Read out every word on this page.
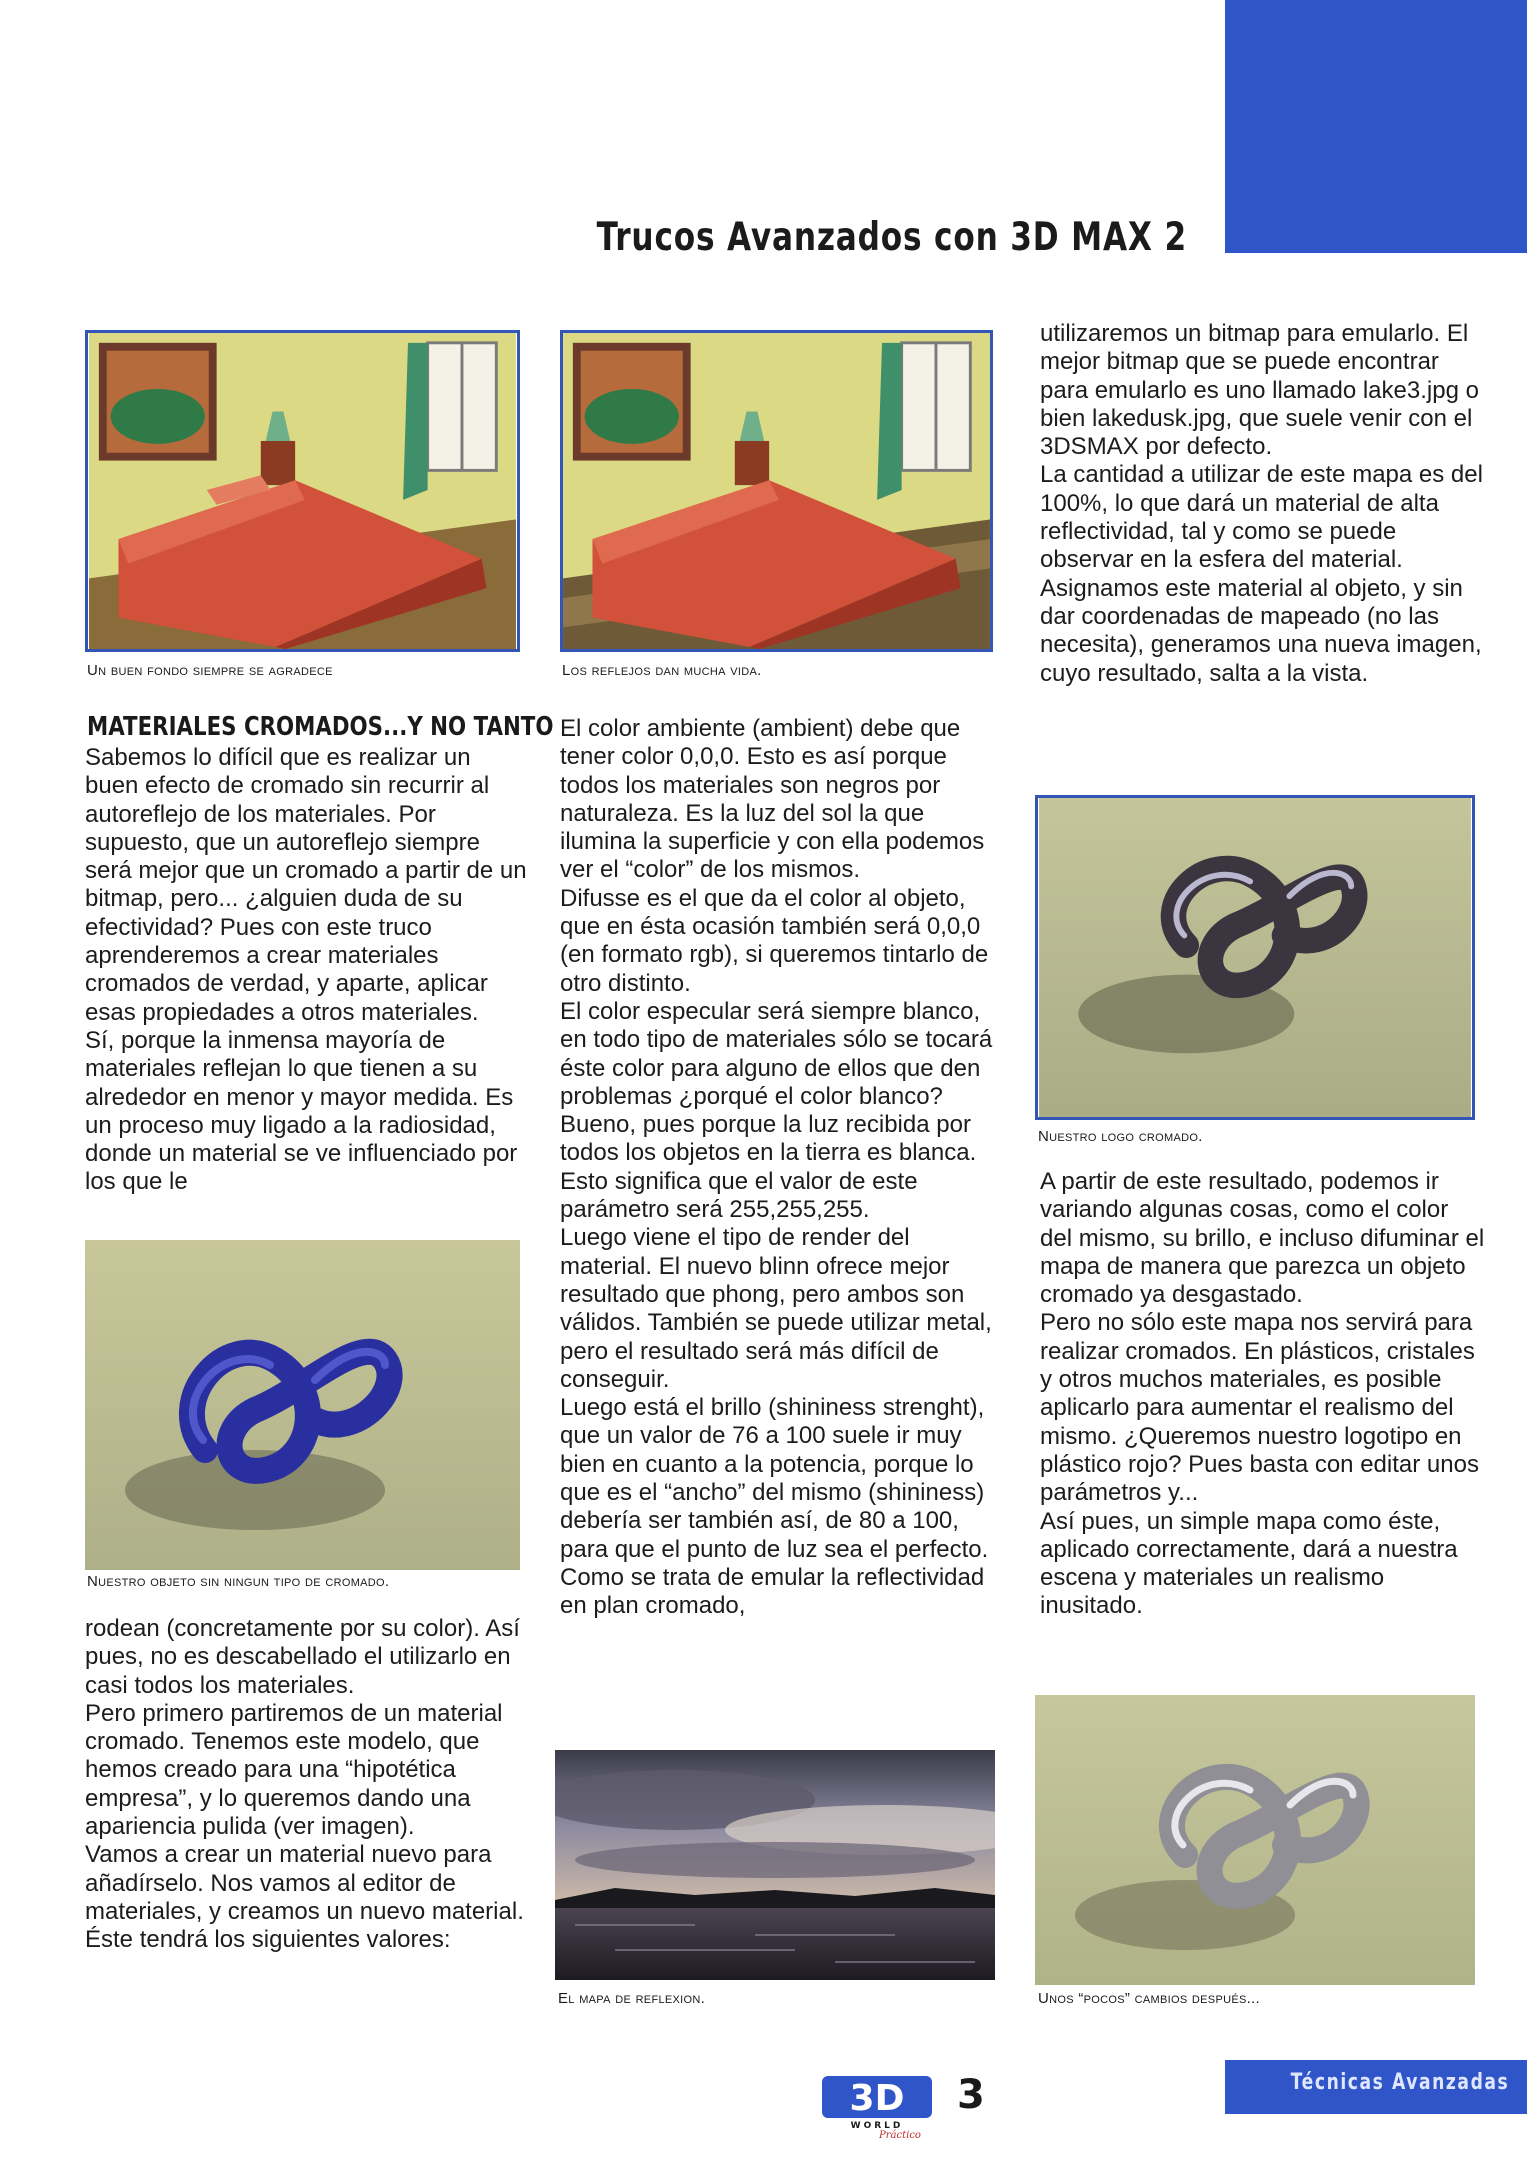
Trucos Avanzados con 3D MAX 2

Un buen fondo siempre se agradece

MATERIALES CROMADOS...Y NO TANTO

Sabemos lo difícil que es realizar un buen efecto de cromado sin recurrir al autoreflejo de los materiales. Por supuesto, que un autoreflejo siempre será mejor que un cromado a partir de un bitmap, pero... ¿alguien duda de su efectividad? Pues con este truco aprenderemos a crear materiales cromados de verdad, y aparte, aplicar esas propiedades a otros materiales.

Sí, porque la inmensa mayoría de materiales reflejan lo que tienen a su alrededor en menor y mayor medida. Es un proceso muy ligado a la radiosidad, donde un material se ve influenciado por los que le

Nuestro objeto sin ningun tipo de cromado.

rodean (concretamente por su color). Así pues, no es descabellado el utilizarlo en casi todos los materiales.

Pero primero partiremos de un material cromado. Tenemos este modelo, que hemos creado para una “hipotética empresa”, y lo queremos dando una apariencia pulida (ver imagen).

Vamos a crear un material nuevo para añadírselo. Nos vamos al editor de materiales, y creamos un nuevo material. Éste tendrá los siguientes valores:

Los reflejos dan mucha vida.

El color ambiente (ambient) debe que tener color 0,0,0. Esto es así porque todos los materiales son negros por naturaleza. Es la luz del sol la que ilumina la superficie y con ella podemos ver el “color” de los mismos.

Difusse es el que da el color al objeto, que en ésta ocasión también será 0,0,0 (en formato rgb), si queremos tintarlo de otro distinto.

El color especular será siempre blanco, en todo tipo de materiales sólo se tocará éste color para alguno de ellos que den problemas ¿porqué el color blanco? Bueno, pues porque la luz recibida por todos los objetos en la tierra es blanca. Esto significa que el valor de este parámetro será 255,255,255.

Luego viene el tipo de render del material. El nuevo blinn ofrece mejor resultado que phong, pero ambos son válidos. También se puede utilizar metal, pero el resultado será más difícil de conseguir.

Luego está el brillo (shininess strenght), que un valor de 76 a 100 suele ir muy bien en cuanto a la potencia, porque lo que es el “ancho” del mismo (shininess) debería ser también así, de 80 a 100, para que el punto de luz sea el perfecto.

Como se trata de emular la reflectividad en plan cromado,

El mapa de reflexion.

utilizaremos un bitmap para emularlo. El mejor bitmap que se puede encontrar para emularlo es uno llamado lake3.jpg o bien lakedusk.jpg, que suele venir con el 3DSMAX por defecto.

La cantidad a utilizar de este mapa es del 100%, lo que dará un material de alta reflectividad, tal y como se puede observar en la esfera del material. Asignamos este material al objeto, y sin dar coordenadas de mapeado (no las necesita), generamos una nueva imagen, cuyo resultado, salta a la vista.

Nuestro logo cromado.

A partir de este resultado, podemos ir variando algunas cosas, como el color del mismo, su brillo, e incluso difuminar el mapa de manera que parezca un objeto cromado ya desgastado.

Pero no sólo este mapa nos servirá para realizar cromados. En plásticos, cristales y otros muchos materiales, es posible aplicarlo para aumentar el realismo del mismo. ¿Queremos nuestro logotipo en plástico rojo? Pues basta con editar unos parámetros y...

Así pues, un simple mapa como éste, aplicado correctamente, dará a nuestra escena y materiales un realismo inusitado.

Unos “pocos” cambios después...

3D
WORLD
Práctico

3	Técnicas Avanzadas
